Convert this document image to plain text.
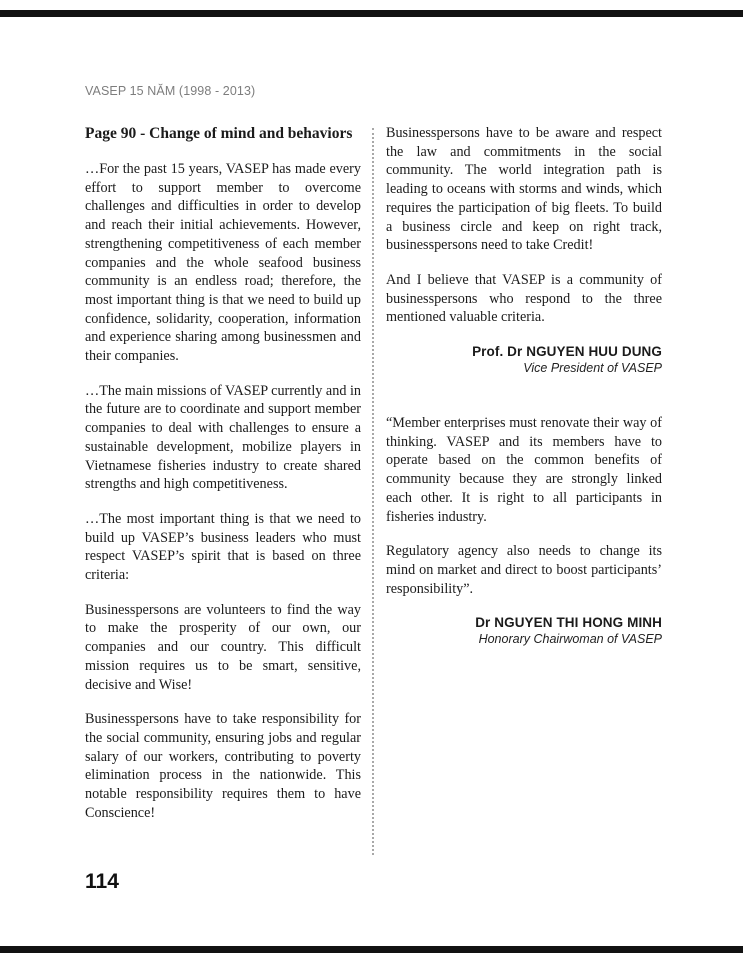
VASEP 15 NĂM (1998 - 2013)
Page 90 - Change of mind and behaviors

…For the past 15 years, VASEP has made every effort to support member to overcome challenges and difficulties in order to develop and reach their initial achievements. However, strengthening competitiveness of each member companies and the whole seafood business community is an endless road; therefore, the most important thing is that we need to build up confidence, solidarity, cooperation, information and experience sharing among businessmen and their companies.

…The main missions of VASEP currently and in the future are to coordinate and support member companies to deal with challenges to ensure a sustainable development, mobilize players in Vietnamese fisheries industry to create shared strengths and high competitiveness.

…The most important thing is that we need to build up VASEP’s business leaders who must respect VASEP’s spirit that is based on three criteria:

Businesspersons are volunteers to find the way to make the prosperity of our own, our companies and our country. This difficult mission requires us to be smart, sensitive, decisive and Wise!

Businesspersons have to take responsibility for the social community, ensuring jobs and regular salary of our workers, contributing to poverty elimination process in the nationwide. This notable responsibility requires them to have Conscience!

Businesspersons have to be aware and respect the law and commitments in the social community. The world integration path is leading to oceans with storms and winds, which requires the participation of big fleets. To build a business circle and keep on right track, businesspersons need to take Credit!

And I believe that VASEP is a community of businesspersons who respond to the three mentioned valuable criteria.

Prof. Dr NGUYEN HUU DUNG
Vice President of VASEP

“Member enterprises must renovate their way of thinking. VASEP and its members have to operate based on the common benefits of community because they are strongly linked each other. It is right to all participants in fisheries industry.

Regulatory agency also needs to change its mind on market and direct to boost participants’ responsibility”.

Dr NGUYEN THI HONG MINH
Honorary Chairwoman of VASEP
114
